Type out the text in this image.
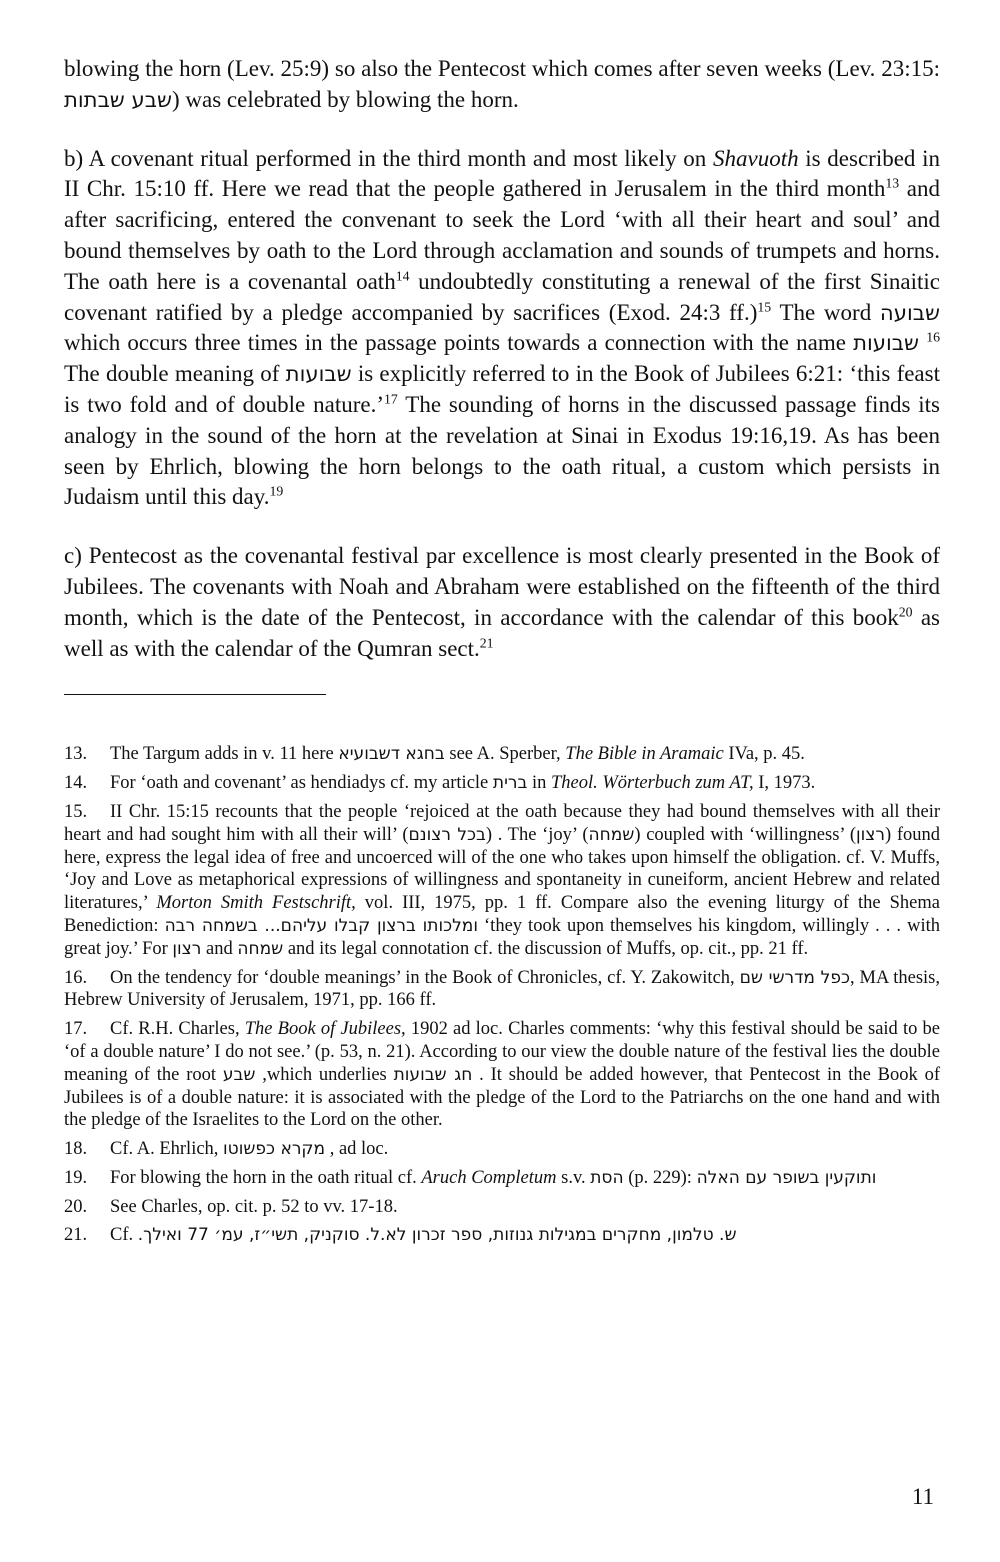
blowing the horn (Lev. 25:9) so also the Pentecost which comes after seven weeks (Lev. 23:15: שבע שבתות) was celebrated by blowing the horn.

b) A covenant ritual performed in the third month and most likely on Shavuoth is described in II Chr. 15:10 ff. Here we read that the people gathered in Jerusalem in the third month$^{13}$ and after sacrificing, entered the convenant to seek the Lord ‘with all their heart and soul’ and bound themselves by oath to the Lord through acclamation and sounds of trumpets and horns. The oath here is a covenantal oath$^{14}$ undoubtedly constituting a renewal of the first Sinaitic covenant ratified by a pledge accompanied by sacrifices (Exod. 24:3 ff.)$^{15}$ The word שבועה which occurs three times in the passage points towards a connection with the name שבועות $^{16}$ The double meaning of שבועות is explicitly referred to in the Book of Jubilees 6:21: ‘this feast is two fold and of double nature.’$^{17}$ The sounding of horns in the discussed passage finds its analogy in the sound of the horn at the revelation at Sinai in Exodus 19:16,19. As has been seen by Ehrlich, blowing the horn belongs to the oath ritual, a custom which persists in Judaism until this day.$^{19}$

c) Pentecost as the covenantal festival par excellence is most clearly presented in the Book of Jubilees. The covenants with Noah and Abraham were established on the fifteenth of the third month, which is the date of the Pentecost, in accordance with the calendar of this book$^{20}$ as well as with the calendar of the Qumran sect.$^{21}$

13. The Targum adds in v. 11 here בחגא דשבועיא see A. Sperber, The Bible in Aramaic IVa, p. 45.
14. For ‘oath and covenant’ as hendiadys cf. my article ברית in Theol. Wörterbuch zum AT, I, 1973.
15. II Chr. 15:15 recounts that the people ‘rejoiced at the oath because they had bound themselves with all their heart and had sought him with all their will’ (בכל רצונם) . The ‘joy’ (שמחה) coupled with ‘willingness’ (רצון) found here, express the legal idea of free and uncoerced will of the one who takes upon himself the obligation. cf. V. Muffs, ‘Joy and Love as metaphorical expressions of willingness and spontaneity in cuneiform, ancient Hebrew and related literatures,’ Morton Smith Festschrift, vol. III, 1975, pp. 1 ff. Compare also the evening liturgy of the Shema Benediction: ומלכותו ברצון קבלו עליהם... בשמחה רבה ‘they took upon themselves his kingdom, willingly . . . with great joy.’ For רצון and שמחה and its legal connotation cf. the discussion of Muffs, op. cit., pp. 21 ff.
16. On the tendency for ‘double meanings’ in the Book of Chronicles, cf. Y. Zakowitch, כפל מדרשי שם, MA thesis, Hebrew University of Jerusalem, 1971, pp. 166 ff.
17. Cf. R.H. Charles, The Book of Jubilees, 1902 ad loc. Charles comments: ‘why this festival should be said to be ‘of a double nature’ I do not see.’ (p. 53, n. 21). According to our view the double nature of the festival lies the double meaning of the root שבע ,which underlies חג שבועות . It should be added however, that Pentecost in the Book of Jubilees is of a double nature: it is associated with the pledge of the Lord to the Patriarchs on the one hand and with the pledge of the Israelites to the Lord on the other.
18. Cf. A. Ehrlich, מקרא כפשוטו , ad loc.
19. For blowing the horn in the oath ritual cf. Aruch Completum s.v. הסת (p. 229): ותוקעין בשופר עם האלה
20. See Charles, op. cit. p. 52 to vv. 17-18.
21. Cf. ש. טלמון, מחקרים במגילות גנוזות, ספר זכרון לא.ל. סוקניק, תשי״ז, עמ׳ 77 ואילך.
11
